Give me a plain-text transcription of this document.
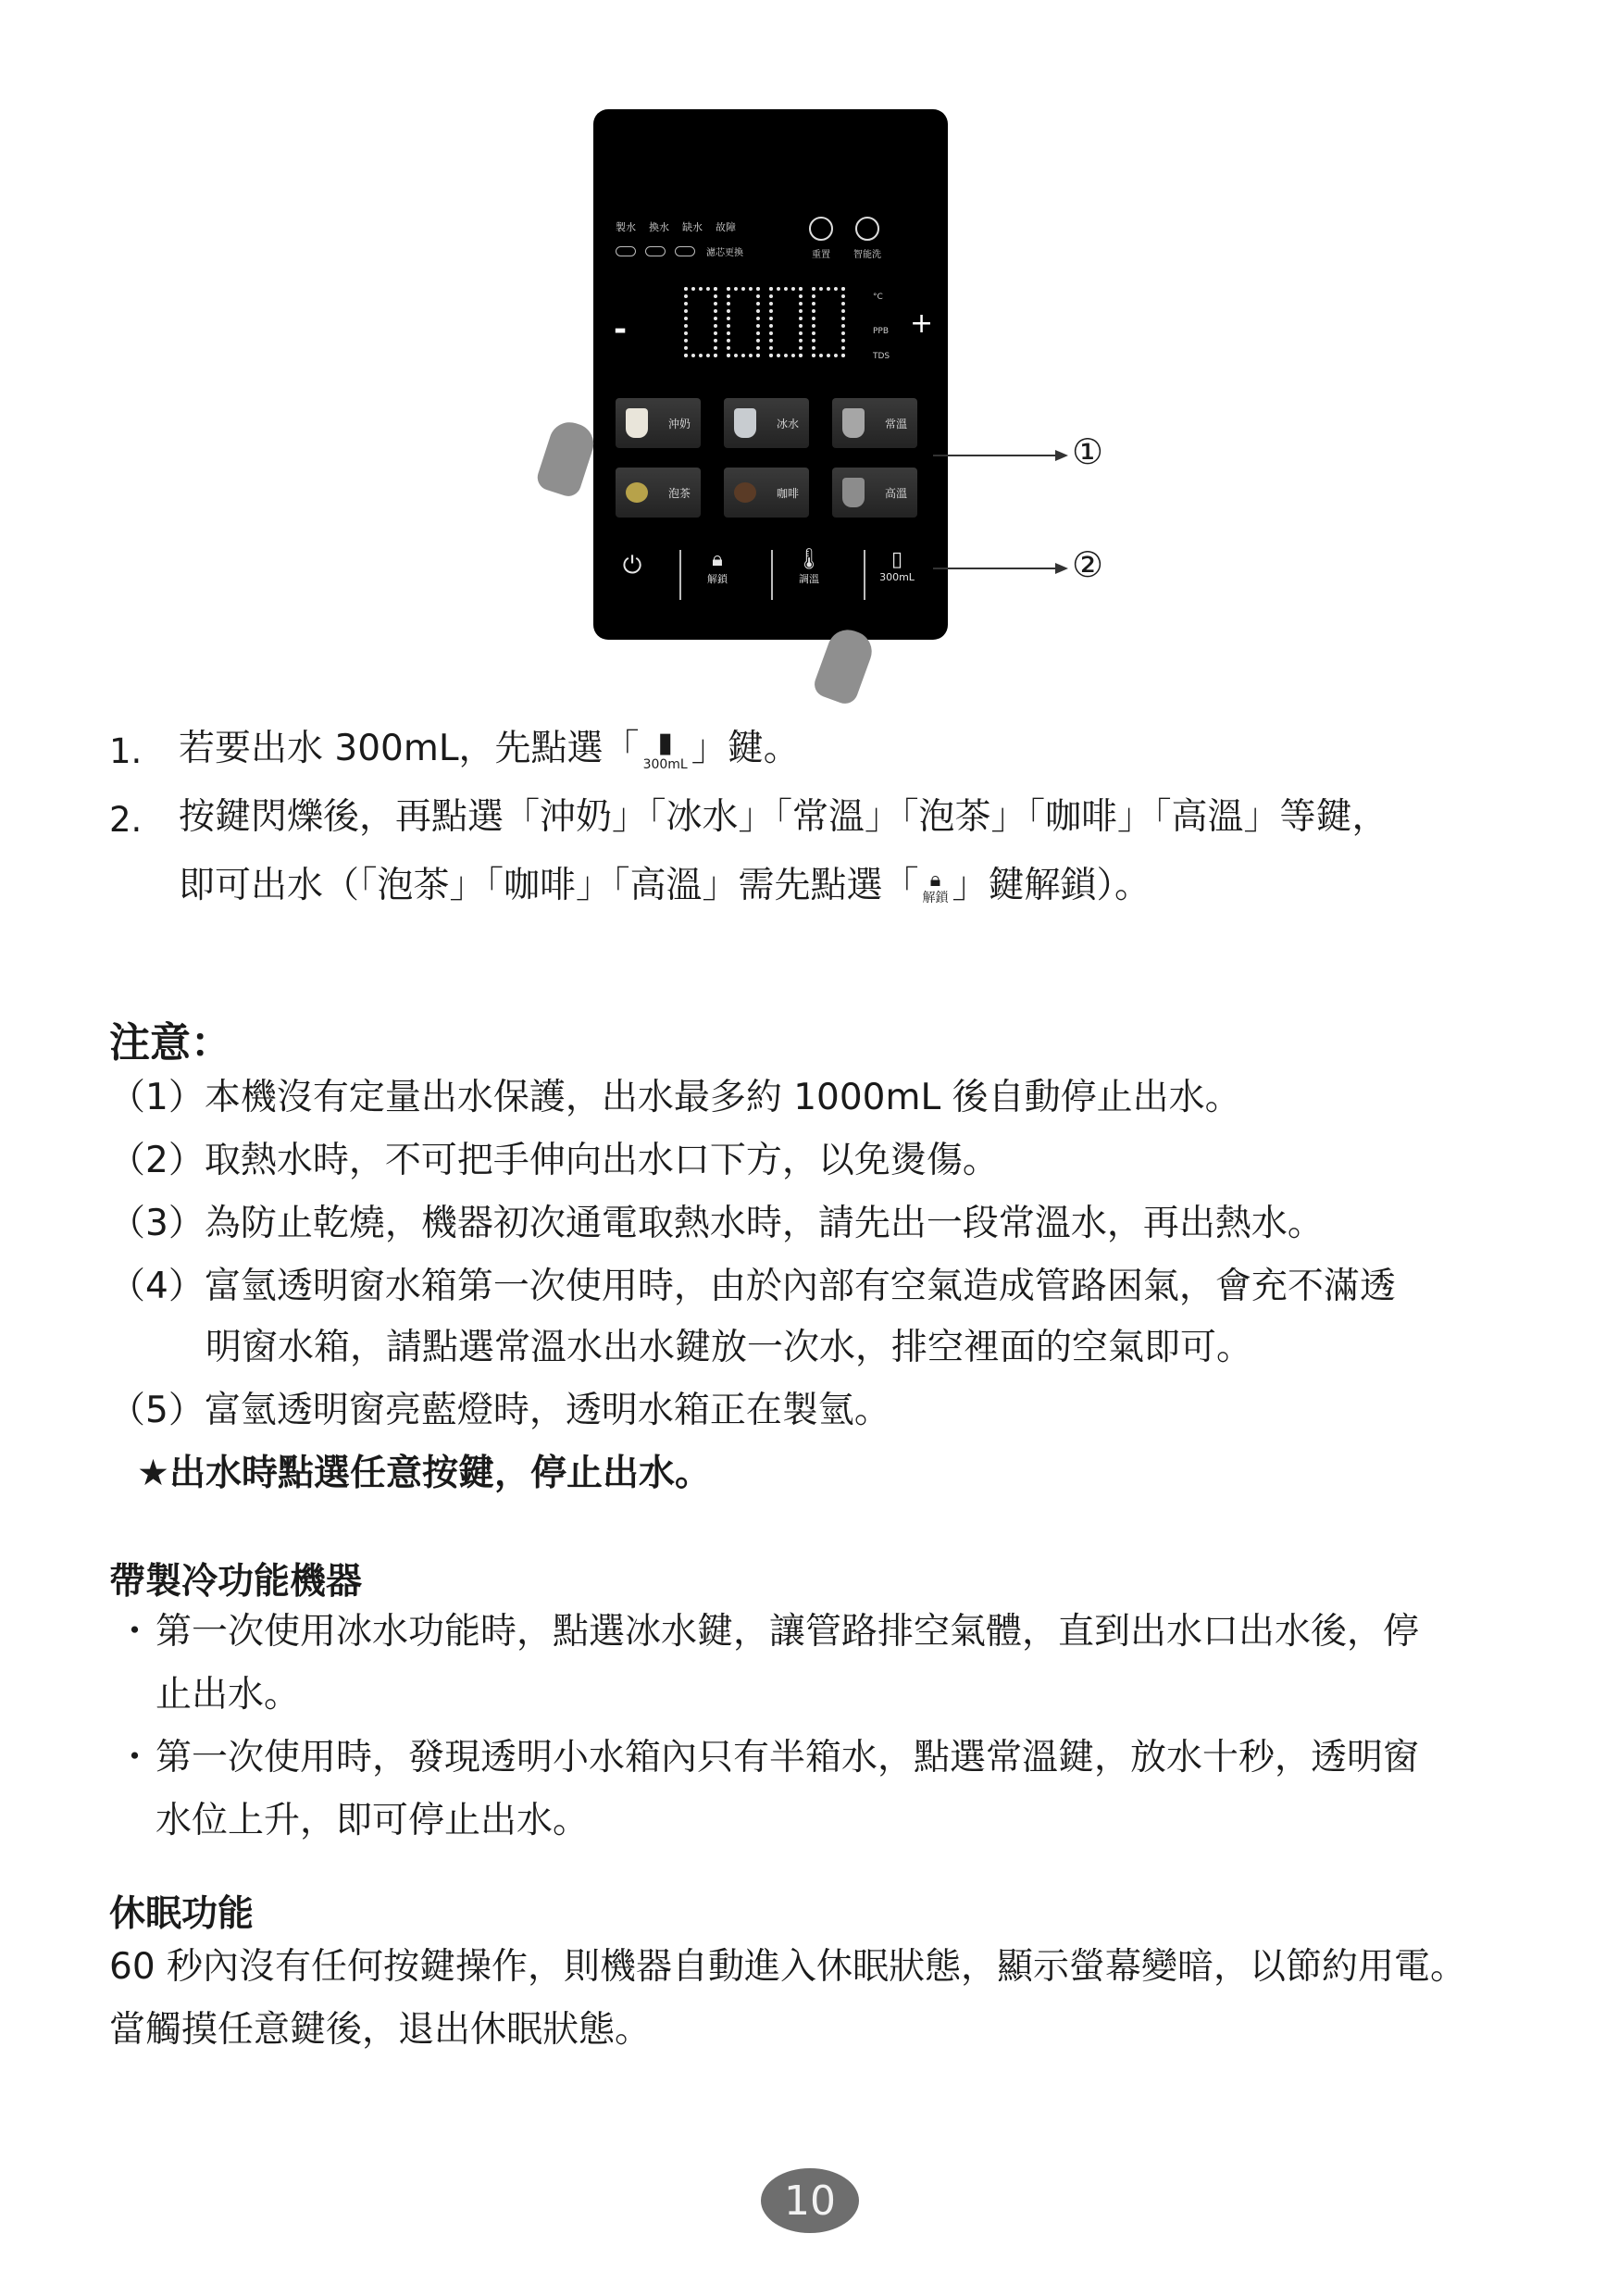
製水 換水 缺水 故障
濾芯更換	重置	智能洗
-
°C
PPB
TDS
+
沖奶	冰水	常溫
泡茶	咖啡	高溫
⏻	🔒︎
解鎖
🌡︎
調溫
▯
300mL
①
②
1. 若要出水 300mL，先點選「 ▮
300mL 」鍵。
2. 按鍵閃爍後，再點選「沖奶」「冰水」「常溫」「泡茶」「咖啡」「高溫」等鍵，
即可出水（「泡茶」「咖啡」「高溫」需先點選「 🔒︎
解鎖 」鍵解鎖）。
注意：
（1）本機沒有定量出水保護，出水最多約 1000mL 後自動停止出水。
（2）取熱水時，不可把手伸向出水口下方，以免燙傷。
（3）為防止乾燒，機器初次通電取熱水時，請先出一段常溫水，再出熱水。
（4）富氫透明窗水箱第一次使用時，由於內部有空氣造成管路困氣，會充不滿透
明窗水箱，請點選常溫水出水鍵放一次水，排空裡面的空氣即可。
（5）富氫透明窗亮藍燈時，透明水箱正在製氫。
★出水時點選任意按鍵，停止出水。
帶製冷功能機器
・ 第一次使用冰水功能時，點選冰水鍵，讓管路排空氣體，直到出水口出水後，停
止出水。
・ 第一次使用時，發現透明小水箱內只有半箱水，點選常溫鍵，放水十秒，透明窗
水位上升，即可停止出水。
休眠功能
60 秒內沒有任何按鍵操作，則機器自動進入休眠狀態，顯示螢幕變暗，以節約用電。
當觸摸任意鍵後，退出休眠狀態。
10
